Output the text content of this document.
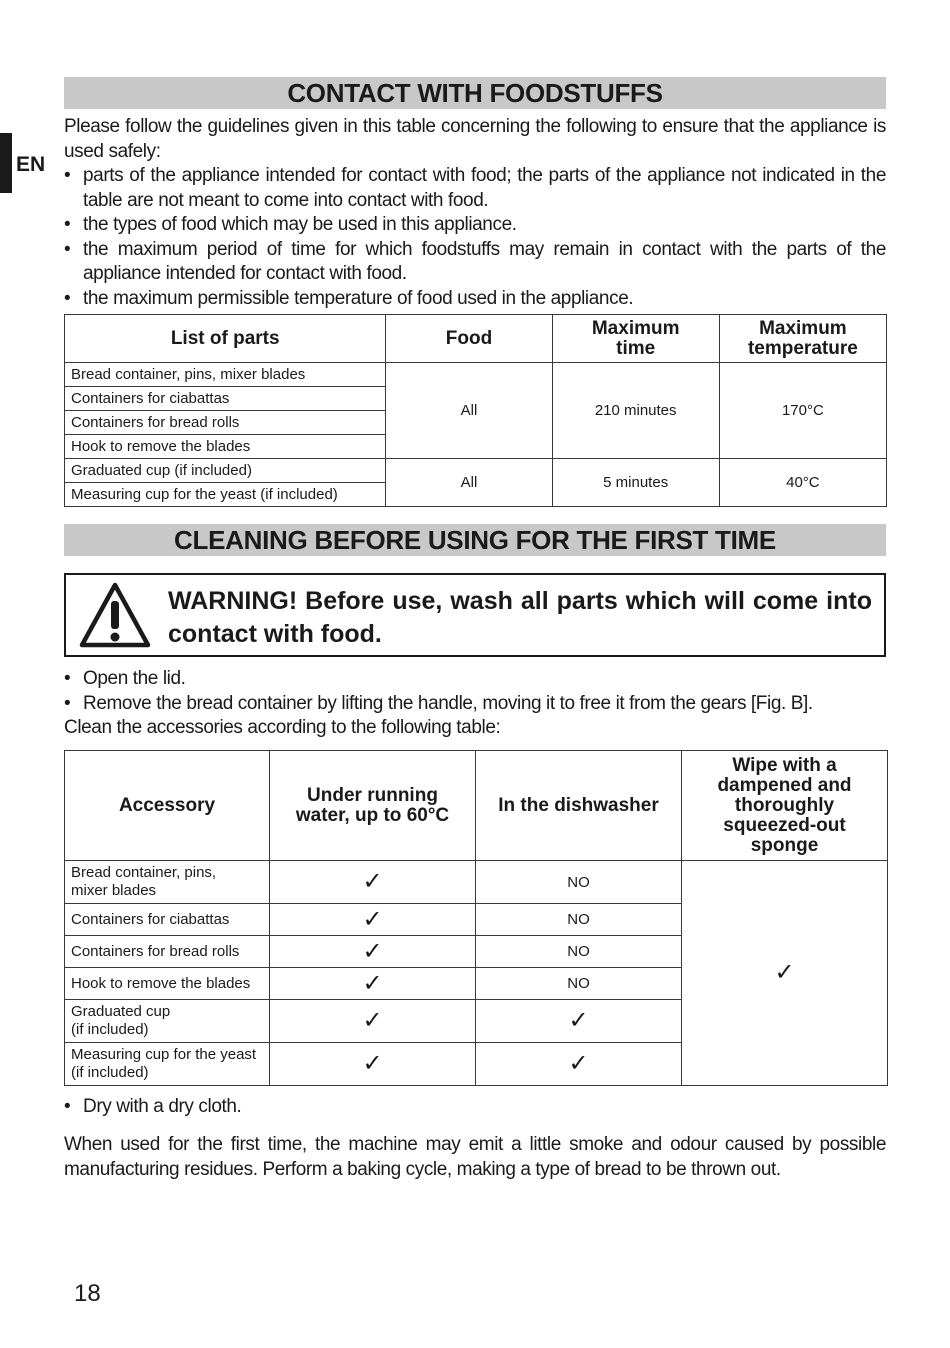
EN
CONTACT WITH FOODSTUFFS
Please follow the guidelines given in this table concerning the following to ensure that the appliance is used safely:
• parts of the appliance intended for contact with food; the parts of the appliance not indicated in the table are not meant to come into contact with food.
• the types of food which may be used in this appliance.
• the maximum period of time for which foodstuffs may remain in contact with the parts of the appliance intended for contact with food.
• the maximum permissible temperature of food used in the appliance.
List of parts	Food	Maximum time	Maximum temperature
Bread container, pins, mixer blades	All	210 minutes	170°C
Containers for ciabattas			
Containers for bread rolls			
Hook to remove the blades			
Graduated cup (if included)	All	5 minutes	40°C
Measuring cup for the yeast (if included)			
CLEANING BEFORE USING FOR THE FIRST TIME
WARNING! Before use, wash all parts which will come into contact with food.
• Open the lid.
• Remove the bread container by lifting the handle, moving it to free it from the gears [Fig. B].
Clean the accessories according to the following table:
Accessory	Under running water, up to 60°C	In the dishwasher	Wipe with a dampened and thoroughly squeezed-out sponge
Bread container, pins, mixer blades	✓	NO	✓
Containers for ciabattas	✓	NO	
Containers for bread rolls	✓	NO	
Hook to remove the blades	✓	NO	
Graduated cup (if included)	✓	✓	
Measuring cup for the yeast (if included)	✓	✓	
• Dry with a dry cloth.
When used for the first time, the machine may emit a little smoke and odour caused by possible manufacturing residues. Perform a baking cycle, making a type of bread to be thrown out.
18
